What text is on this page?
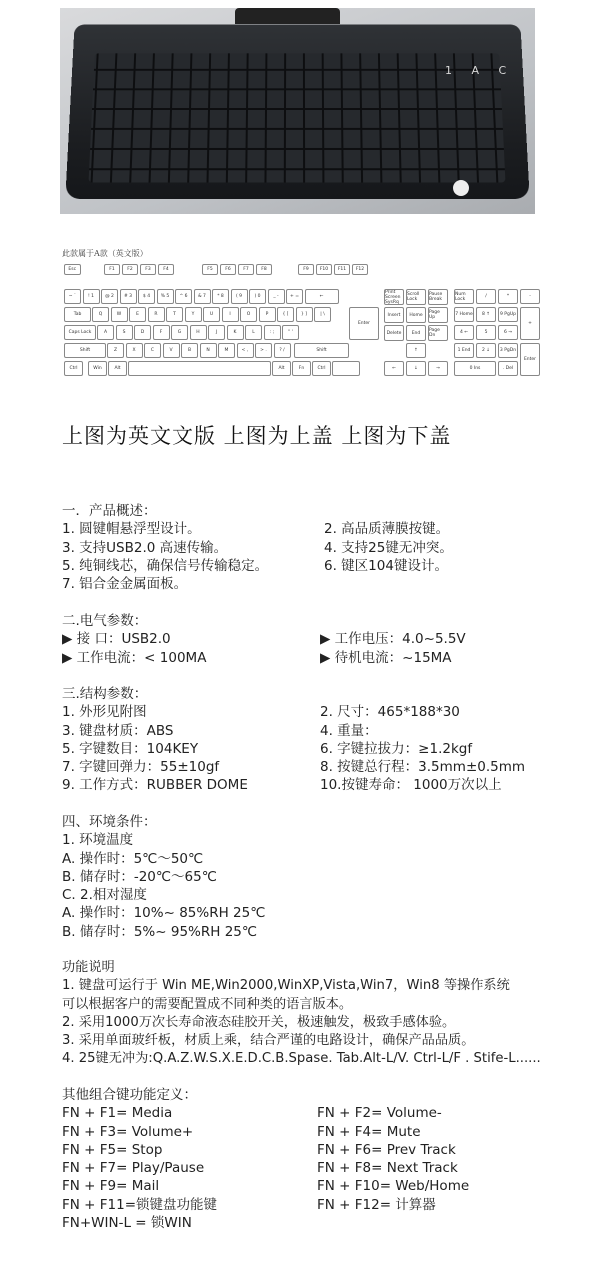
1 A C
此款属于A款（英文版）
Esc	F1	F2	F3	F4	F5	F6	F7	F8	F9	F10	F11	F12
Print Screen SysRq
Scroll Lock
Pause Break
~ `	! 1	@ 2	# 3	$ 4	% 5	^ 6	& 7	* 8	( 9	) 0	_ -	+ =	←
Tab	Q	W	E	R	T	Y	U	I	O	P	{ [	} ]	| \
Caps Lock	A	S	D	F	G	H	J	K	L	: ;	" '
Enter
Shift	Z	X	C	V	B	N	M	< ,	> .	? /	Shift
Ctrl	Win	Alt	Alt	Fn	Ctrl
Insert	Home	Page Up
Delete	End	Page Dn
↑
←	↓	→
Num Lock	/	*	-
7 Home	8 ↑	9 PgUp
+
4 ←	5	6 →
1 End	2 ↓	3 PgDn
Enter
0 Ins	. Del
上图为英文文版 上图为上盖 上图为下盖
一．产品概述：
1. 圆键帽悬浮型设计。	2. 高品质薄膜按键。
3. 支持USB2.0 高速传输。	4. 支持25键无冲突。
5. 纯铜线芯，确保信号传输稳定。	6. 键区104键设计。
7. 铝合金金属面板。
二.电气参数：
▶ 接 口：USB2.0	▶ 工作电压：4.0~5.5V
▶ 工作电流：< 100MA	▶ 待机电流：~15MA
三.结构参数：
1. 外形见附图	2. 尺寸：465*188*30
3. 键盘材质：ABS	4. 重量：
5. 字键数目：104KEY	6. 字键拉拔力：≥1.2kgf
7. 字键回弹力：55±10gf	8. 按键总行程：3.5mm±0.5mm
9. 工作方式：RUBBER DOME	10.按键寿命： 1000万次以上
四、环境条件：
1. 环境温度
A. 操作时：5℃～50℃
B. 储存时：-20℃～65℃
C. 2.相对湿度
A. 操作时：10%~ 85%RH 25℃
B. 储存时：5%~ 95%RH 25℃
功能说明
1. 键盘可运行于 Win ME,Win2000,WinXP,Vista,Win7，Win8 等操作系统
可以根据客户的需要配置成不同种类的语言版本。
2. 采用1000万次长寿命液态硅胶开关，极速触发，极致手感体验。
3. 采用单面玻纤板，材质上乘，结合严谨的电路设计，确保产品品质。
4. 25键无冲为:Q.A.Z.W.S.X.E.D.C.B.Spase. Tab.Alt-L/V. Ctrl-L/F . Stife-L......
其他组合键功能定义：
FN + F1= Media	FN + F2= Volume-
FN + F3= Volume+	FN + F4= Mute
FN + F5= Stop	FN + F6= Prev Track
FN + F7= Play/Pause	FN + F8= Next Track
FN + F9= Mail	FN + F10= Web/Home
FN + F11=锁键盘功能键	FN + F12= 计算器
FN+WIN-L = 锁WIN
